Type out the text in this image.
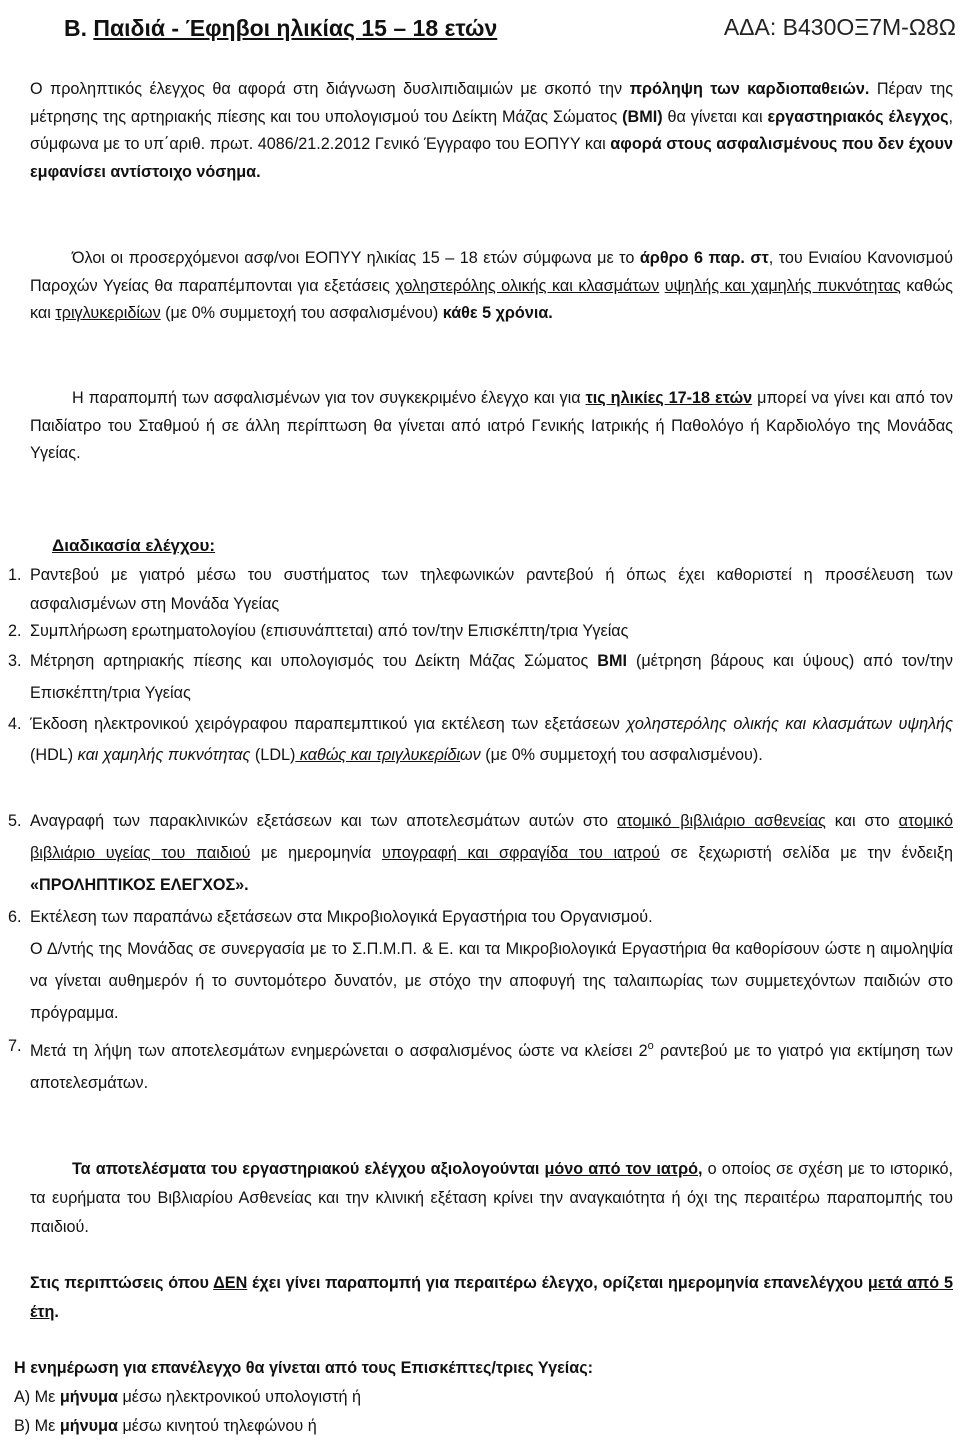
ΑΔΑ: Β430ΟΞ7Μ-Ω8Ω
Β. Παιδιά - Έφηβοι ηλικίας 15 – 18 ετών
Ο προληπτικός έλεγχος θα αφορά στη διάγνωση δυσλιπιδαιμιών με σκοπό την πρόληψη των καρδιοπαθειών. Πέραν της μέτρησης της αρτηριακής πίεσης και του υπολογισμού του Δείκτη Μάζας Σώματος (BMI) θα γίνεται και εργαστηριακός έλεγχος, σύμφωνα με το υπ΄αριθ. πρωτ. 4086/21.2.2012 Γενικό Έγγραφο του ΕΟΠΥΥ και αφορά στους ασφαλισμένους που δεν έχουν εμφανίσει αντίστοιχο νόσημα.
Όλοι οι προσερχόμενοι ασφ/νοι ΕΟΠΥΥ ηλικίας 15 – 18 ετών σύμφωνα με το άρθρο 6 παρ. στ, του Ενιαίου Κανονισμού Παροχών Υγείας θα παραπέμπονται για εξετάσεις χοληστερόλης ολικής και κλασμάτων υψηλής και χαμηλής πυκνότητας καθώς και τριγλυκεριδίων (με 0% συμμετοχή του ασφαλισμένου) κάθε 5 χρόνια.
Η παραπομπή των ασφαλισμένων για τον συγκεκριμένο έλεγχο και για τις ηλικίες 17-18 ετών μπορεί να γίνει και από τον Παιδίατρο του Σταθμού ή σε άλλη περίπτωση θα γίνεται από ιατρό Γενικής Ιατρικής ή Παθολόγο ή Καρδιολόγο της Μονάδας Υγείας.
Διαδικασία ελέγχου:
1. Ραντεβού με γιατρό μέσω του συστήματος των τηλεφωνικών ραντεβού ή όπως έχει καθοριστεί η προσέλευση των ασφαλισμένων στη Μονάδα Υγείας
2. Συμπλήρωση ερωτηματολογίου (επισυνάπτεται) από τον/την Επισκέπτη/τρια Υγείας
3. Μέτρηση αρτηριακής πίεσης και υπολογισμός του Δείκτη Μάζας Σώματος BMI (μέτρηση βάρους και ύψους) από τον/την Επισκέπτη/τρια Υγείας
4. Έκδοση ηλεκτρονικού χειρόγραφου παραπεμπτικού για εκτέλεση των εξετάσεων χοληστερόλης ολικής και κλασμάτων υψηλής (HDL) και χαμηλής πυκνότητας (LDL) καθώς και τριγλυκερίδιων (με 0% συμμετοχή του ασφαλισμένου).
5. Αναγραφή των παρακλινικών εξετάσεων και των αποτελεσμάτων αυτών στο ατομικό βιβλιάριο ασθενείας και στο ατομικό βιβλιάριο υγείας του παιδιού με ημερομηνία υπογραφή και σφραγίδα του ιατρού σε ξεχωριστή σελίδα με την ένδειξη «ΠΡΟΛΗΠΤΙΚΟΣ ΕΛΕΓΧΟΣ».
6. Εκτέλεση των παραπάνω εξετάσεων στα Μικροβιολογικά Εργαστήρια του Οργανισμού.
Ο Δ/ντής της Μονάδας σε συνεργασία με το Σ.Π.Μ.Π. & Ε. και τα Μικροβιολογικά Εργαστήρια θα καθορίσουν ώστε η αιμοληψία να γίνεται αυθημερόν ή το συντομότερο δυνατόν, με στόχο την αποφυγή της ταλαιπωρίας των συμμετεχόντων παιδιών στο πρόγραμμα.
7. Μετά τη λήψη των αποτελεσμάτων ενημερώνεται ο ασφαλισμένος ώστε να κλείσει $2^o$ ραντεβού με το γιατρό για εκτίμηση των αποτελεσμάτων.
Τα αποτελέσματα του εργαστηριακού ελέγχου αξιολογούνται μόνο από τον ιατρό, ο οποίος σε σχέση με το ιστορικό, τα ευρήματα του Βιβλιαρίου Ασθενείας και την κλινική εξέταση κρίνει την αναγκαιότητα ή όχι της περαιτέρω παραπομπής του παιδιού.
Στις περιπτώσεις όπου ΔΕΝ έχει γίνει παραπομπή για περαιτέρω έλεγχο, ορίζεται ημερομηνία επανελέγχου μετά από 5 έτη.
Η ενημέρωση για επανέλεγχο θα γίνεται από τους Επισκέπτες/τριες Υγείας:
Α) Με μήνυμα μέσω ηλεκτρονικού υπολογιστή ή
Β) Με μήνυμα μέσω κινητού τηλεφώνου ή
